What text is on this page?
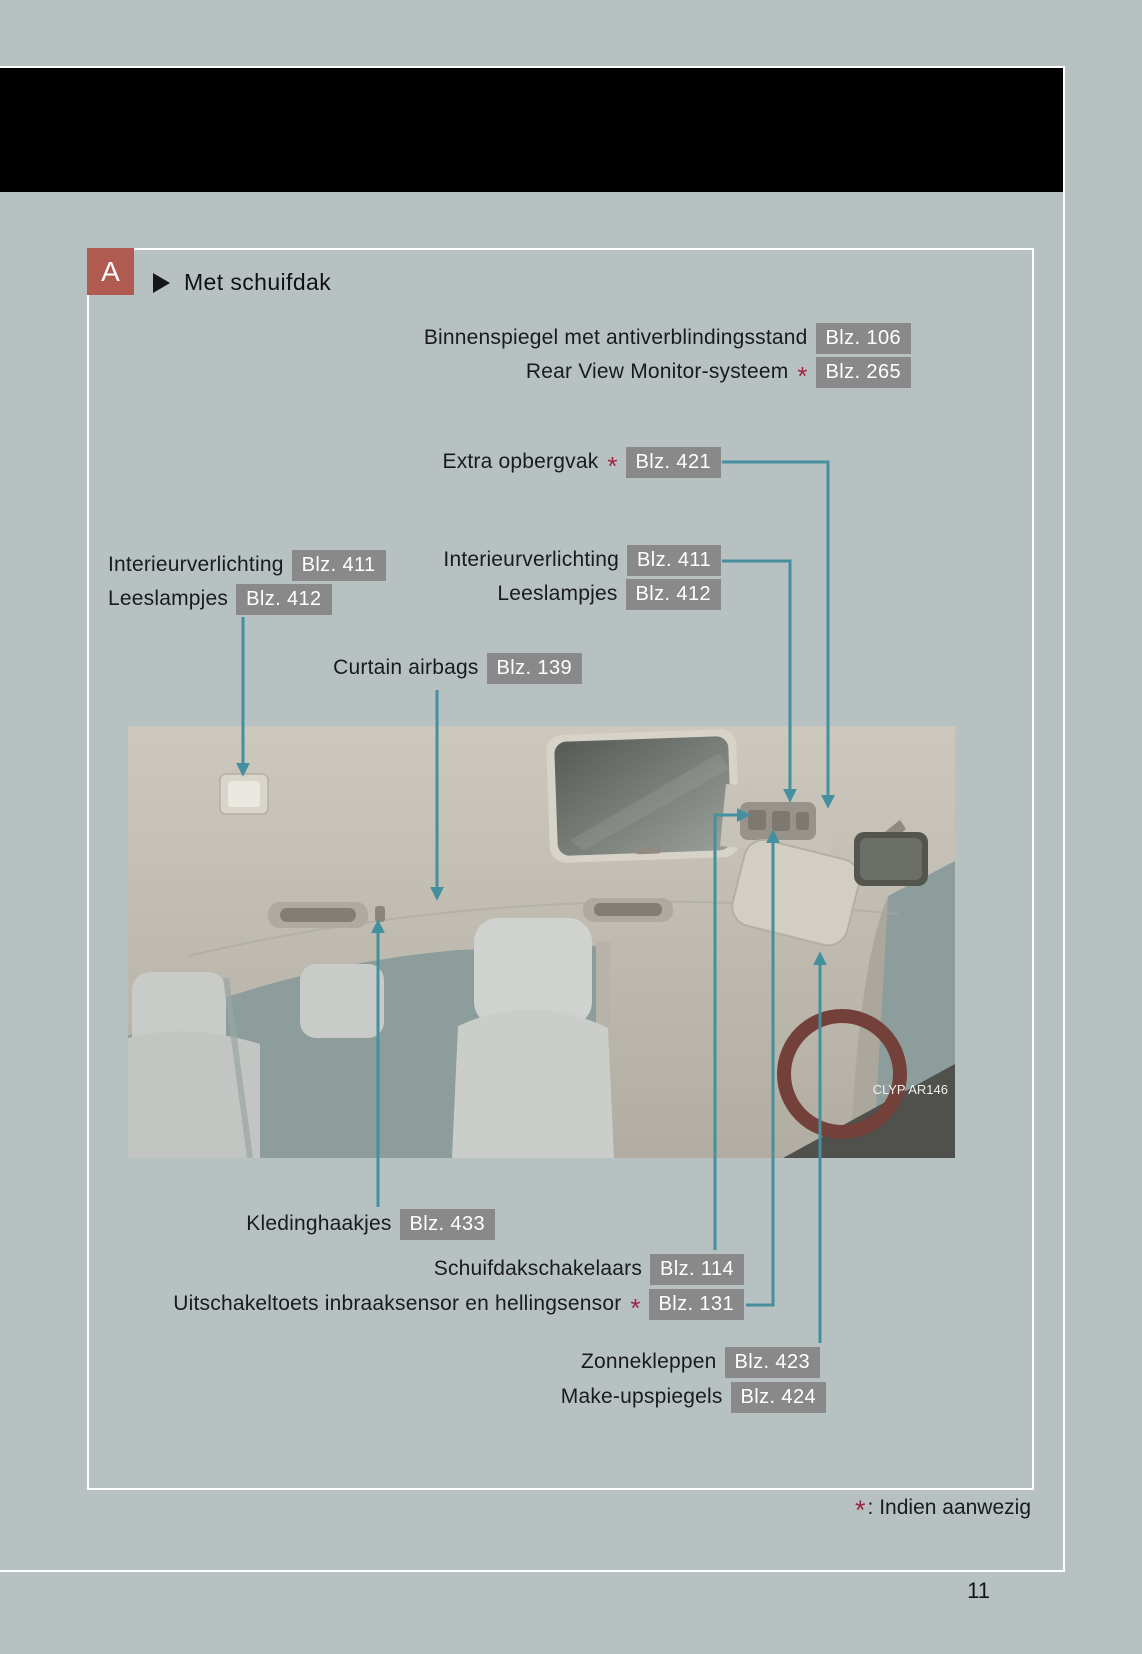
A	Met schuifdak
CLYP AR146
Binnenspiegel met antiverblindingsstand Blz. 106
Rear View Monitor-systeem * Blz. 265
Extra opbergvak * Blz. 421
Interieurverlichting Blz. 411
Leeslampjes Blz. 412
Interieurverlichting Blz. 411
Leeslampjes Blz. 412
Curtain airbags Blz. 139
Kledinghaakjes Blz. 433
Schuifdakschakelaars Blz. 114
Uitschakeltoets inbraaksensor en hellingsensor * Blz. 131
Zonnekleppen Blz. 423
Make-upspiegels Blz. 424
* : Indien aanwezig
11
